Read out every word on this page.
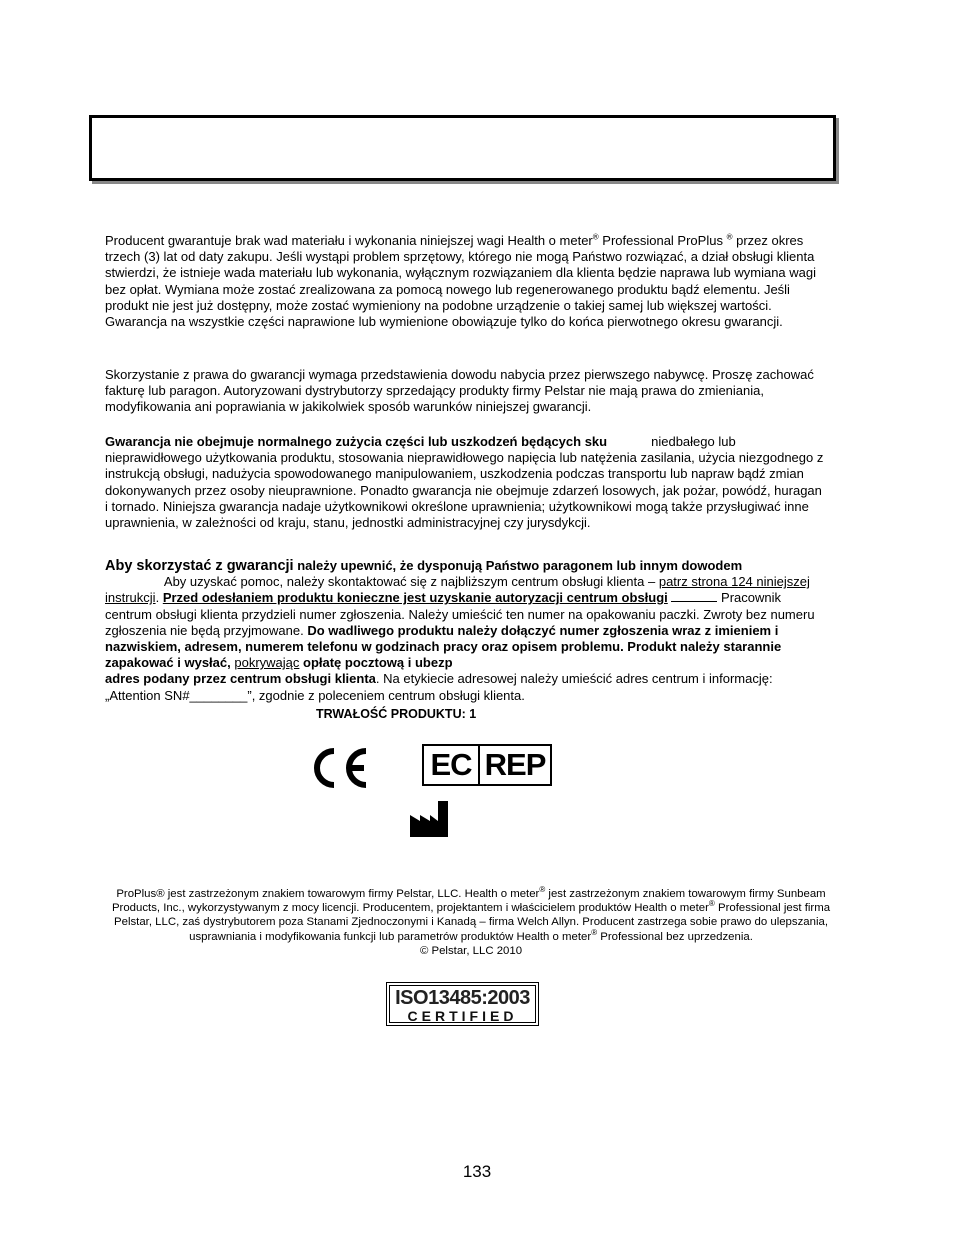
Producent gwarantuje brak wad materiału i wykonania niniejszej wagi Health o meter® Professional ProPlus ® przez okres trzech (3) lat od daty zakupu. Jeśli wystąpi problem sprzętowy, którego nie mogą Państwo rozwiązać, a dział obsługi klienta stwierdzi, że istnieje wada materiału lub wykonania, wyłącznym rozwiązaniem dla klienta będzie naprawa lub wymiana wagi bez opłat. Wymiana może zostać zrealizowana za pomocą nowego lub regenerowanego produktu bądź elementu. Jeśli produkt nie jest już dostępny, może zostać wymieniony na podobne urządzenie o takiej samej lub większej wartości. Gwarancja na wszystkie części naprawione lub wymienione obowiązuje tylko do końca pierwotnego okresu gwarancji.

Skorzystanie z prawa do gwarancji wymaga przedstawienia dowodu nabycia przez pierwszego nabywcę. Proszę zachować fakturę lub paragon. Autoryzowani dystrybutorzy sprzedający produkty firmy Pelstar nie mają prawa do zmieniania, modyfikowania ani poprawiania w jakikolwiek sposób warunków niniejszej gwarancji.

Gwarancja nie obejmuje normalnego zużycia części lub uszkodzeń będących sku	niedbałego lub nieprawidłowego użytkowania produktu, stosowania nieprawidłowego napięcia lub natężenia zasilania, użycia niezgodnego z instrukcją obsługi, nadużycia spowodowanego manipulowaniem, uszkodzenia podczas transportu lub napraw bądź zmian dokonywanych przez osoby nieuprawnione. Ponadto gwarancja nie obejmuje zdarzeń losowych, jak pożar, powódź, huragan i tornado. Niniejsza gwarancja nadaje użytkownikowi określone uprawnienia; użytkownikowi mogą także przysługiwać inne uprawnienia, w zależności od kraju, stanu, jednostki administracyjnej czy jurysdykcji.

Aby skorzystać z gwarancji należy upewnić, że dysponują Państwo paragonem lub innym dowodem
Aby uzyskać pomoc, należy skontaktować się z najbliższym centrum obsługi klienta – patrz strona 124 niniejszej instrukcji. Przed odesłaniem produktu konieczne jest uzyskanie autoryzacji centrum obsługi	Pracownik centrum obsługi klienta przydzieli numer zgłoszenia. Należy umieścić ten numer na opakowaniu paczki. Zwroty bez numeru zgłoszenia nie będą przyjmowane. Do wadliwego produktu należy dołączyć numer zgłoszenia wraz z imieniem i nazwiskiem, adresem, numerem telefonu w godzinach pracy oraz opisem problemu. Produkt należy starannie zapakować i wysłać, pokrywając opłatę pocztową i ubezp
adres podany przez centrum obsługi klienta. Na etykiecie adresowej należy umieścić adres centrum i informację: „Attention SN#________”, zgodnie z poleceniem centrum obsługi klienta.

TRWAŁOŚĆ PRODUKTU: 1
EC REP
ProPlus® jest zastrzeżonym znakiem towarowym firmy Pelstar, LLC. Health o meter® jest zastrzeżonym znakiem towarowym firmy Sunbeam Products, Inc., wykorzystywanym z mocy licencji. Producentem, projektantem i właścicielem produktów Health o meter® Professional jest firma Pelstar, LLC, zaś dystrybutorem poza Stanami Zjednoczonymi i Kanadą – firma Welch Allyn. Producent zastrzega sobie prawo do ulepszania, usprawniania i modyfikowania funkcji lub parametrów produktów Health o meter® Professional bez uprzedzenia.
© Pelstar, LLC 2010
ISO13485:2003
CERTIFIED
133
